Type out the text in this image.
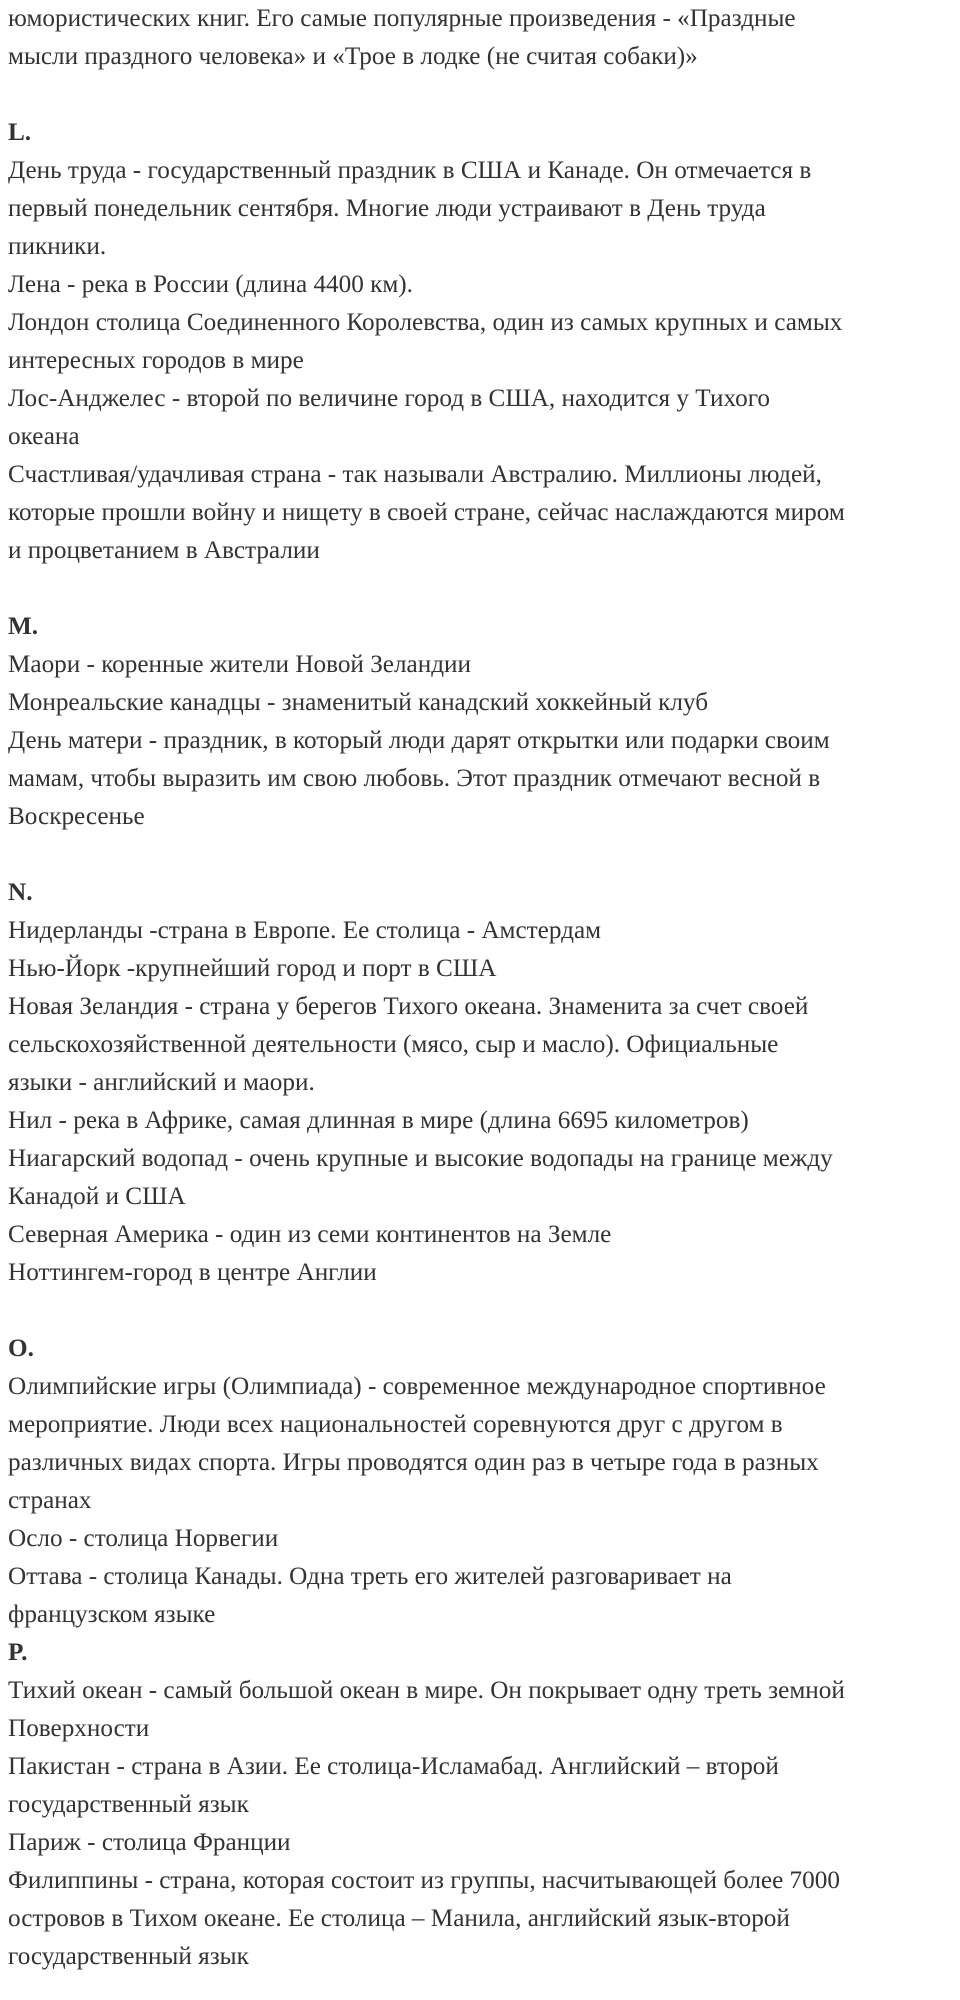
юмористических книг. Его самые популярные произведения - «Праздные
мысли праздного человека» и «Трое в лодке (не считая собаки)»
L.
День труда - государственный праздник в США и Канаде. Он отмечается в
первый понедельник сентября. Многие люди устраивают в День труда
пикники.
Лена - река в России (длина 4400 км).
Лондон столица Соединенного Королевства, один из самых крупных и самых
интересных городов в мире
Лос-Анджелес - второй по величине город в США, находится у Тихого
океана
Счастливая/удачливая страна - так называли Австралию. Миллионы людей,
которые прошли войну и нищету в своей стране, сейчас наслаждаются миром
и процветанием в Австралии
M.
Маори - коренные жители Новой Зеландии
Монреальские канадцы - знаменитый канадский хоккейный клуб
День матери - праздник, в который люди дарят открытки или подарки своим
мамам, чтобы выразить им свою любовь. Этот праздник отмечают весной в
Воскресенье
N.
Нидерланды -страна в Европе. Ее столица - Амстердам
Нью-Йорк -крупнейший город и порт в США
Новая Зеландия - страна у берегов Тихого океана. Знаменита за счет своей
сельскохозяйственной деятельности (мясо, сыр и масло). Официальные
языки - английский и маори.
Нил - река в Африке, самая длинная в мире (длина 6695 километров)
Ниагарский водопад - очень крупные и высокие водопады на границе между
Канадой и США
Северная Америка - один из семи континентов на Земле
Ноттингем-город в центре Англии
O.
Олимпийские игры (Олимпиада) - современное международное спортивное
мероприятие. Люди всех национальностей соревнуются друг с другом в
различных видах спорта. Игры проводятся один раз в четыре года в разных
странах
Осло - столица Норвегии
Оттава - столица Канады. Одна треть его жителей разговаривает на
французском языке
P.
Тихий океан - самый большой океан в мире. Он покрывает одну треть земной
Поверхности
Пакистан - страна в Азии. Ее столица-Исламабад. Английский – второй
государственный язык
Париж - столица Франции
Филиппины - страна, которая состоит из группы, насчитывающей более 7000
островов в Тихом океане. Ее столица – Манила, английский язык-второй
государственный язык
